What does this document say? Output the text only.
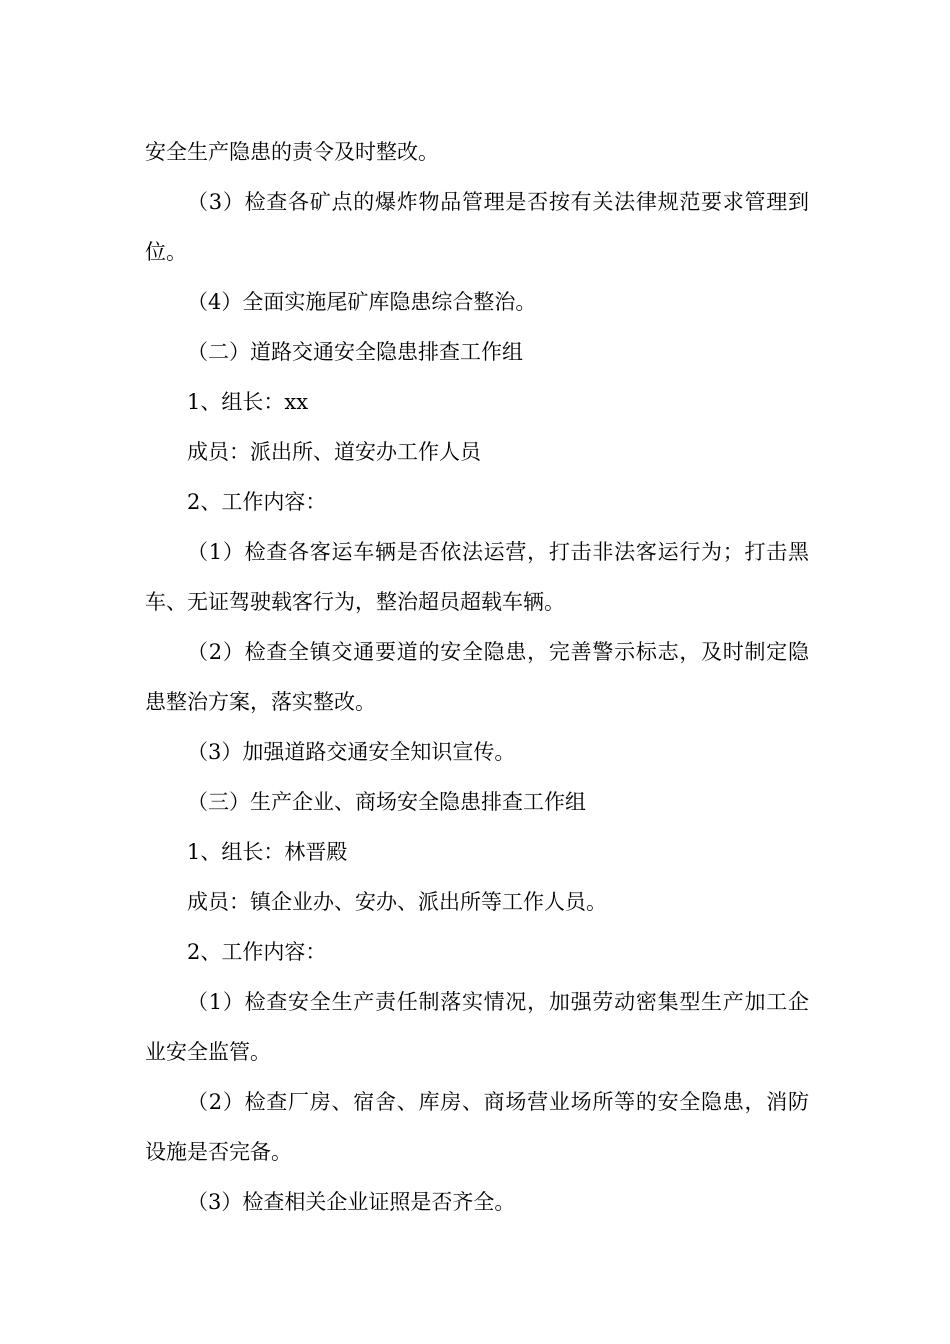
安全生产隐患的责令及时整改。

（3）检查各矿点的爆炸物品管理是否按有关法律规范要求管理到位。

（4）全面实施尾矿库隐患综合整治。

（二）道路交通安全隐患排查工作组

1、组长：xx

成员：派出所、道安办工作人员

2、工作内容：

（1）检查各客运车辆是否依法运营，打击非法客运行为；打击黑车、无证驾驶载客行为，整治超员超载车辆。

（2）检查全镇交通要道的安全隐患，完善警示标志，及时制定隐患整治方案，落实整改。

（3）加强道路交通安全知识宣传。

（三）生产企业、商场安全隐患排查工作组

1、组长：林晋殿

成员：镇企业办、安办、派出所等工作人员。

2、工作内容：

（1）检查安全生产责任制落实情况，加强劳动密集型生产加工企业安全监管。

（2）检查厂房、宿舍、库房、商场营业场所等的安全隐患，消防设施是否完备。

（3）检查相关企业证照是否齐全。
